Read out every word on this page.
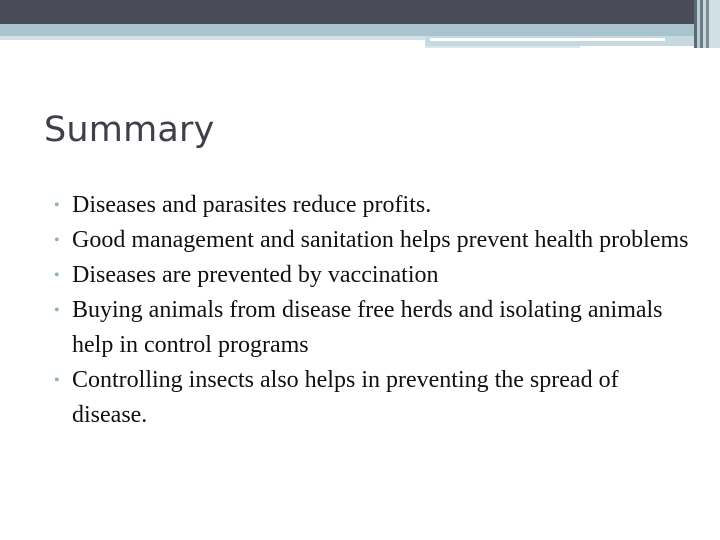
Summary
• Diseases and parasites reduce profits.
• Good management and sanitation helps prevent health problems
• Diseases are prevented by vaccination
• Buying animals from disease free herds and isolating animals  help in control programs
• Controlling insects also helps in preventing the spread of disease.
